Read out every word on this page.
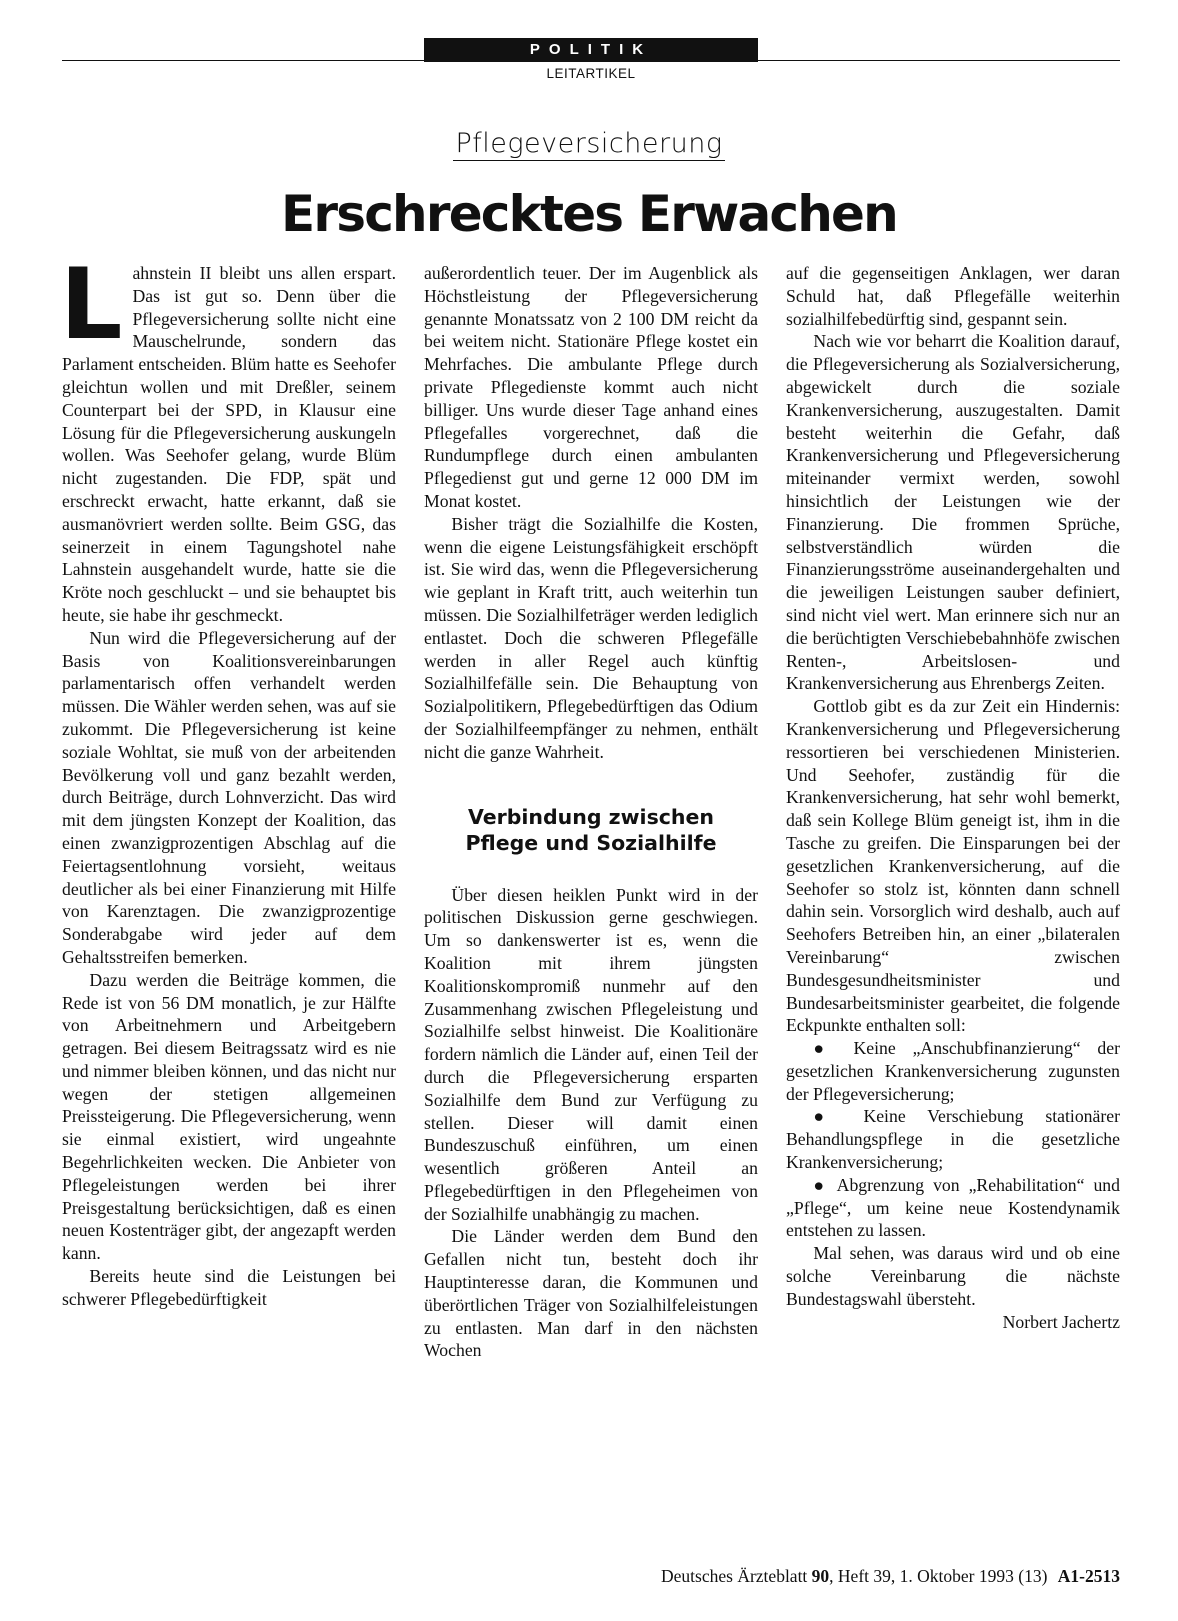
POLITIK
LEITARTIKEL
Pflegeversicherung
Erschrecktes Erwachen

Lahnstein II bleibt uns allen erspart. Das ist gut so. Denn über die Pflegeversicherung sollte nicht eine Mauschelrunde, sondern das Parlament entscheiden. Blüm hatte es Seehofer gleichtun wollen und mit Dreßler, seinem Counterpart bei der SPD, in Klausur eine Lösung für die Pflegeversicherung auskungeln wollen. Was Seehofer gelang, wurde Blüm nicht zugestanden. Die FDP, spät und erschreckt erwacht, hatte erkannt, daß sie ausmanövriert werden sollte. Beim GSG, das seinerzeit in einem Tagungshotel nahe Lahnstein ausgehandelt wurde, hatte sie die Kröte noch geschluckt – und sie behauptet bis heute, sie habe ihr geschmeckt.

Nun wird die Pflegeversicherung auf der Basis von Koalitionsvereinbarungen parlamentarisch offen verhandelt werden müssen. Die Wähler werden sehen, was auf sie zukommt. Die Pflegeversicherung ist keine soziale Wohltat, sie muß von der arbeitenden Bevölkerung voll und ganz bezahlt werden, durch Beiträge, durch Lohnverzicht. Das wird mit dem jüngsten Konzept der Koalition, das einen zwanzigprozentigen Abschlag auf die Feiertagsentlohnung vorsieht, weitaus deutlicher als bei einer Finanzierung mit Hilfe von Karenztagen. Die zwanzigprozentige Sonderabgabe wird jeder auf dem Gehaltsstreifen bemerken.

Dazu werden die Beiträge kommen, die Rede ist von 56 DM monatlich, je zur Hälfte von Arbeitnehmern und Arbeitgebern getragen. Bei diesem Beitragssatz wird es nie und nimmer bleiben können, und das nicht nur wegen der stetigen allgemeinen Preissteigerung. Die Pflegeversicherung, wenn sie einmal existiert, wird ungeahnte Begehrlichkeiten wecken. Die Anbieter von Pflegeleistungen werden bei ihrer Preisgestaltung berücksichtigen, daß es einen neuen Kostenträger gibt, der angezapft werden kann.

Bereits heute sind die Leistungen bei schwerer Pflegebedürftigkeit

außerordentlich teuer. Der im Augenblick als Höchstleistung der Pflegeversicherung genannte Monatssatz von 2 100 DM reicht da bei weitem nicht. Stationäre Pflege kostet ein Mehrfaches. Die ambulante Pflege durch private Pflegedienste kommt auch nicht billiger. Uns wurde dieser Tage anhand eines Pflegefalles vorgerechnet, daß die Rundumpflege durch einen ambulanten Pflegedienst gut und gerne 12 000 DM im Monat kostet.

Bisher trägt die Sozialhilfe die Kosten, wenn die eigene Leistungsfähigkeit erschöpft ist. Sie wird das, wenn die Pflegeversicherung wie geplant in Kraft tritt, auch weiterhin tun müssen. Die Sozialhilfeträger werden lediglich entlastet. Doch die schweren Pflegefälle werden in aller Regel auch künftig Sozialhilfefälle sein. Die Behauptung von Sozialpolitikern, Pflegebedürftigen das Odium der Sozialhilfeempfänger zu nehmen, enthält nicht die ganze Wahrheit.

Verbindung zwischen
Pflege und Sozialhilfe

Über diesen heiklen Punkt wird in der politischen Diskussion gerne geschwiegen. Um so dankenswerter ist es, wenn die Koalition mit ihrem jüngsten Koalitionskompromiß nunmehr auf den Zusammenhang zwischen Pflegeleistung und Sozialhilfe selbst hinweist. Die Koalitionäre fordern nämlich die Länder auf, einen Teil der durch die Pflegeversicherung ersparten Sozialhilfe dem Bund zur Verfügung zu stellen. Dieser will damit einen Bundeszuschuß einführen, um einen wesentlich größeren Anteil an Pflegebedürftigen in den Pflegeheimen von der Sozialhilfe unabhängig zu machen.

Die Länder werden dem Bund den Gefallen nicht tun, besteht doch ihr Hauptinteresse daran, die Kommunen und überörtlichen Träger von Sozialhilfeleistungen zu entlasten. Man darf in den nächsten Wochen

auf die gegenseitigen Anklagen, wer daran Schuld hat, daß Pflegefälle weiterhin sozialhilfebedürftig sind, gespannt sein.

Nach wie vor beharrt die Koalition darauf, die Pflegeversicherung als Sozialversicherung, abgewickelt durch die soziale Krankenversicherung, auszugestalten. Damit besteht weiterhin die Gefahr, daß Krankenversicherung und Pflegeversicherung miteinander vermixt werden, sowohl hinsichtlich der Leistungen wie der Finanzierung. Die frommen Sprüche, selbstverständlich würden die Finanzierungsströme auseinandergehalten und die jeweiligen Leistungen sauber definiert, sind nicht viel wert. Man erinnere sich nur an die berüchtigten Verschiebebahnhöfe zwischen Renten-, Arbeitslosen- und Krankenversicherung aus Ehrenbergs Zeiten.

Gottlob gibt es da zur Zeit ein Hindernis: Krankenversicherung und Pflegeversicherung ressortieren bei verschiedenen Ministerien. Und Seehofer, zuständig für die Krankenversicherung, hat sehr wohl bemerkt, daß sein Kollege Blüm geneigt ist, ihm in die Tasche zu greifen. Die Einsparungen bei der gesetzlichen Krankenversicherung, auf die Seehofer so stolz ist, könnten dann schnell dahin sein. Vorsorglich wird deshalb, auch auf Seehofers Betreiben hin, an einer „bilateralen Vereinbarung“ zwischen Bundesgesundheitsminister und Bundesarbeitsminister gearbeitet, die folgende Eckpunkte enthalten soll:

● Keine „Anschubfinanzierung“ der gesetzlichen Krankenversicherung zugunsten der Pflegeversicherung;

● Keine Verschiebung stationärer Behandlungspflege in die gesetzliche Krankenversicherung;

● Abgrenzung von „Rehabilitation“ und „Pflege“, um keine neue Kostendynamik entstehen zu lassen.

Mal sehen, was daraus wird und ob eine solche Vereinbarung die nächste Bundestagswahl übersteht.

Norbert Jachertz

Deutsches Ärzteblatt 90, Heft 39, 1. Oktober 1993 (13) A1-2513
